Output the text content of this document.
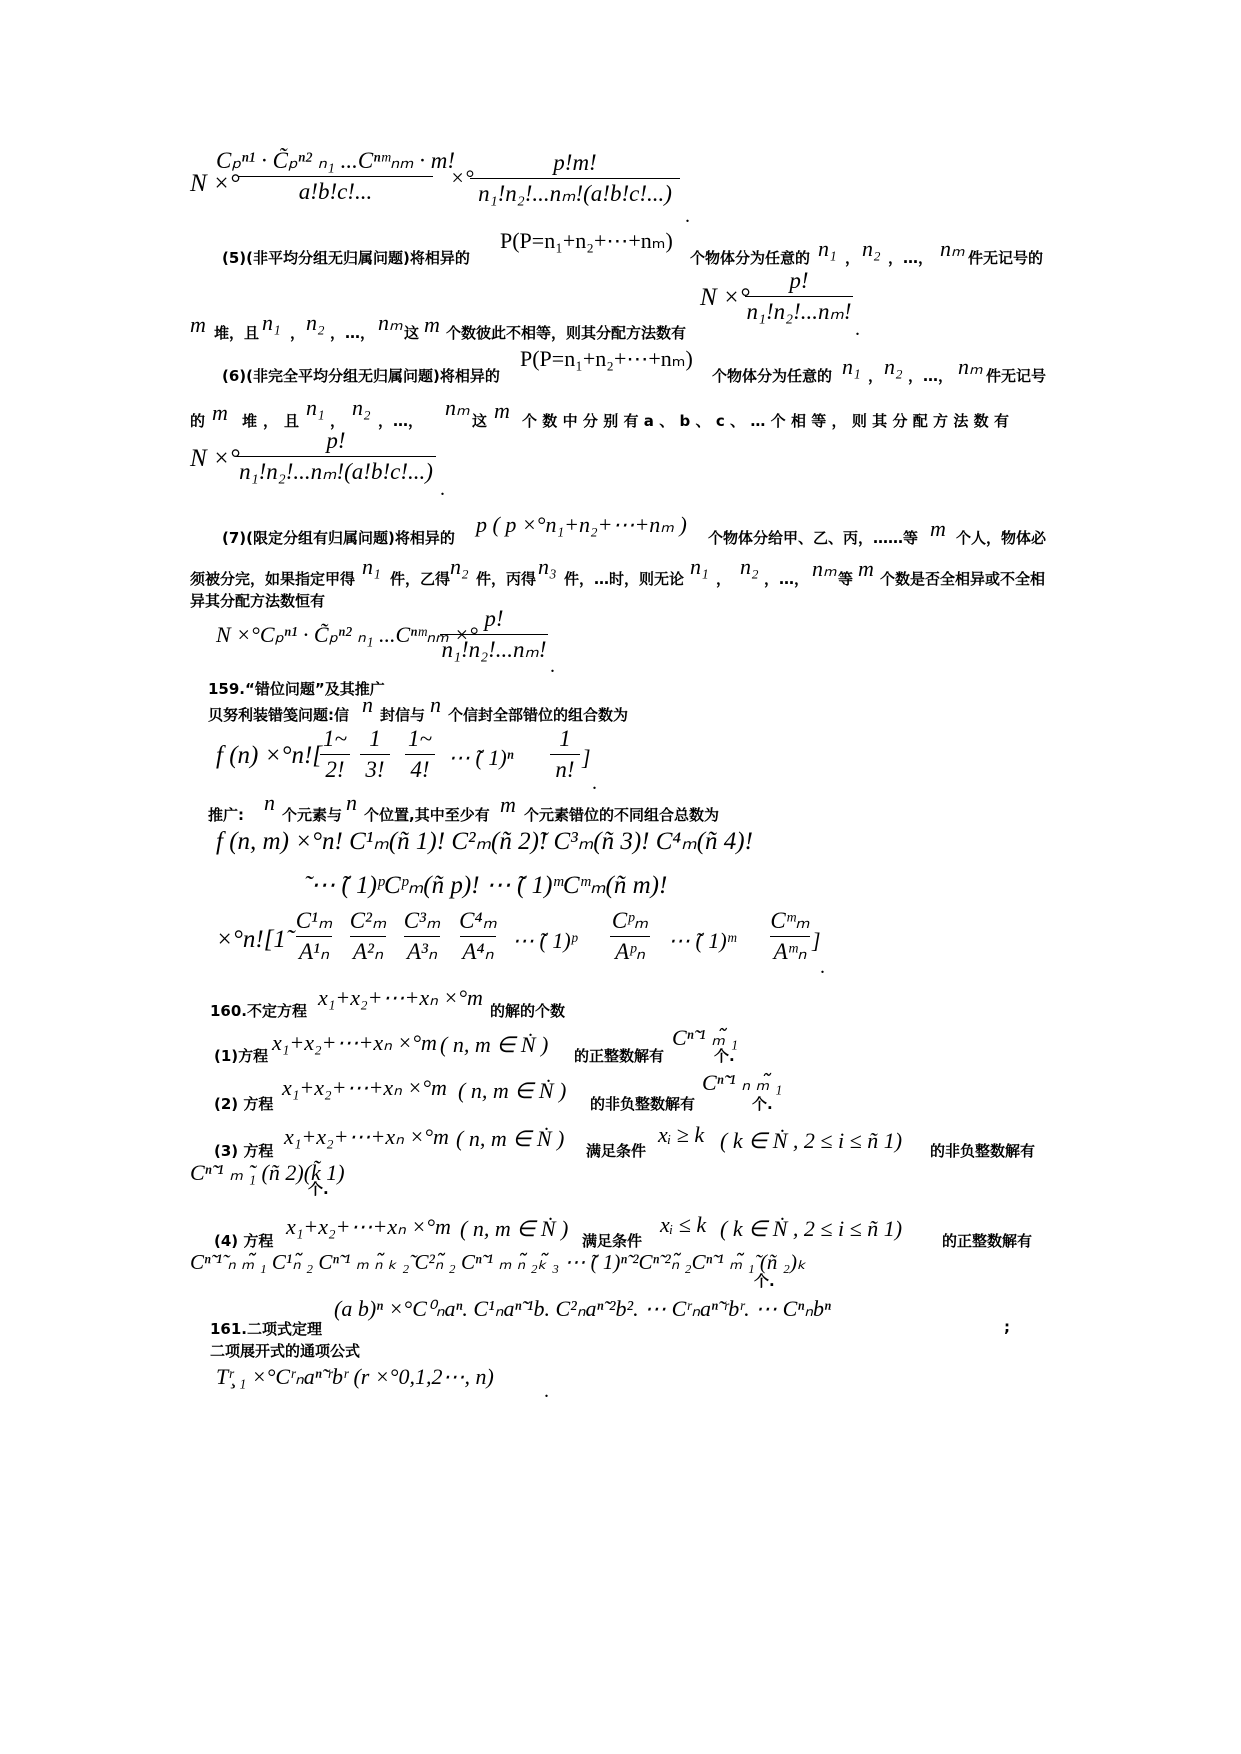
N ×°
Cₚⁿ¹ · C̃ₚⁿ² ₙ₁ ...Cⁿᵐₙₘ · m!
a!b!c!...
×°
p!m!
n₁!n₂!...nₘ!(a!b!c!...)
.
(5)(非平均分组无归属问题)将相异的
P(P=n₁+n₂+⋯+nₘ)
个物体分为任意的 n₁ ， n₂ ，…， nₘ 件无记号的
N ×°
p!
n₁!n₂!...nₘ!
.
m 堆，且 n₁ ， n₂ ，…， nₘ 这 m 个数彼此不相等，则其分配方法数有
(6)(非完全平均分组无归属问题)将相异的
P(P=n₁+n₂+⋯+nₘ)
个物体分为任意的 n₁ ， n₂ ，…， nₘ 件无记号
的 m 堆，且
n₁
，
n₂
，…，
nₘ
这 m 个数中分别有a、b、c、…个相等，则其分配方法数有
N ×°
p!
n₁!n₂!...nₘ!(a!b!c!...)
.
(7)(限定分组有归属问题)将相异的
p ( p ×°n₁+n₂+⋯+nₘ )
个物体分给甲、乙、丙，……等 m 个人，物体必
须被分完，如果指定甲得 n₁ 件，乙得 n₂ 件，丙得 n₃ 件，…时，则无论 n₁ ， n₂ ，…， nₘ 等 m 个数是否全相异或不全相
异其分配方法数恒有
N ×°Cₚⁿ¹ · C̃ₚⁿ² ₙ₁ ...Cⁿᵐₙₘ ×°
p!
n₁!n₂!...nₘ!
.
159.“错位问题”及其推广
贝努利装错笺问题:信 n 封信与 n 个信封全部错位的组合数为
f (n) ×°n![
1~
2!
1
3!
1~
4! ⋯ ̃( 1)ⁿ
1
n! ]
.
推广: n 个元素与 n 个位置,其中至少有 m 个元素错位的不同组合总数为
f (n, m) ×°n! C¹ₘ(ñ 1)! C²ₘ(ñ 2)̃! C³ₘ(ñ 3)! C⁴ₘ(ñ 4)!
̃ ⋯ ̃( 1)ᵖCᵖₘ(ñ p)! ⋯ ̃( 1)ᵐCᵐₘ(ñ m)!
×°n![1̃
C¹ₘ
A¹ₙ
C²ₘ
A²ₙ
C³ₘ
A³ₙ
C⁴ₘ
A⁴ₙ ⋯ ̃( 1)ᵖ
Cᵖₘ
Aᵖₙ ⋯ ̃( 1)ᵐ
Cᵐₘ
Aᵐₙ ]
.
160.不定方程
x₁+x₂+⋯+xₙ ×°m
的解的个数
(1)方程
x₁+x₂+⋯+xₙ ×°m ( n, m ∈ Ṅ ) 的正整数解有
Cⁿ̃ ¹ ₘ̃ ₁
个.
(2) 方程
x₁+x₂+⋯+xₙ ×°m ( n, m ∈ Ṅ )
的非负整数解有
Cⁿ̃ ¹ ₙ ₘ̃ ₁
个.
(3) 方程
x₁+x₂+⋯+xₙ ×°m ( n, m ∈ Ṅ ) 满足条件
xᵢ ≥ k ( k ∈ Ṅ , 2 ≤ i ≤ ñ 1) 的非负整数解有
Cⁿ̃ ¹ ₘ ̃₁ (ñ 2)(k̃ 1)
个.
(4) 方程
x₁+x₂+⋯+xₙ ×°m ( n, m ∈ Ṅ ) 满足条件
xᵢ ≤ k ( k ∈ Ṅ , 2 ≤ i ≤ ñ 1)	的正整数解有
Cⁿ̃ ¹̃ ₙ ₘ̃ ₁ C¹ₙ̃ ₂ Cⁿ̃ ¹ ₘ ₙ̃ ₖ ₂̃ C²ₙ̃ ₂ Cⁿ̃ ¹ ₘ ₙ̃ ₂ₖ̃ ₃ ⋯ ̃( 1)ⁿ̃ ²Cⁿ̃ ²ₙ̃ ₂Cⁿ̃ ¹ ₘ̃ ₁̃ (ñ ₂)ₖ
个.
161.二项式定理
(a b)ⁿ ×°C⁰ₙaⁿ. C¹ₙaⁿ̃ ¹b. C²ₙaⁿ̃ ²b². ⋯ Cʳₙaⁿ̃ ʳbʳ. ⋯ Cⁿₙbⁿ
;
二项展开式的通项公式
Tʳ̧ ₁ ×°Cʳₙaⁿ̃ ʳbʳ (r ×°0,1,2⋯, n)
.
